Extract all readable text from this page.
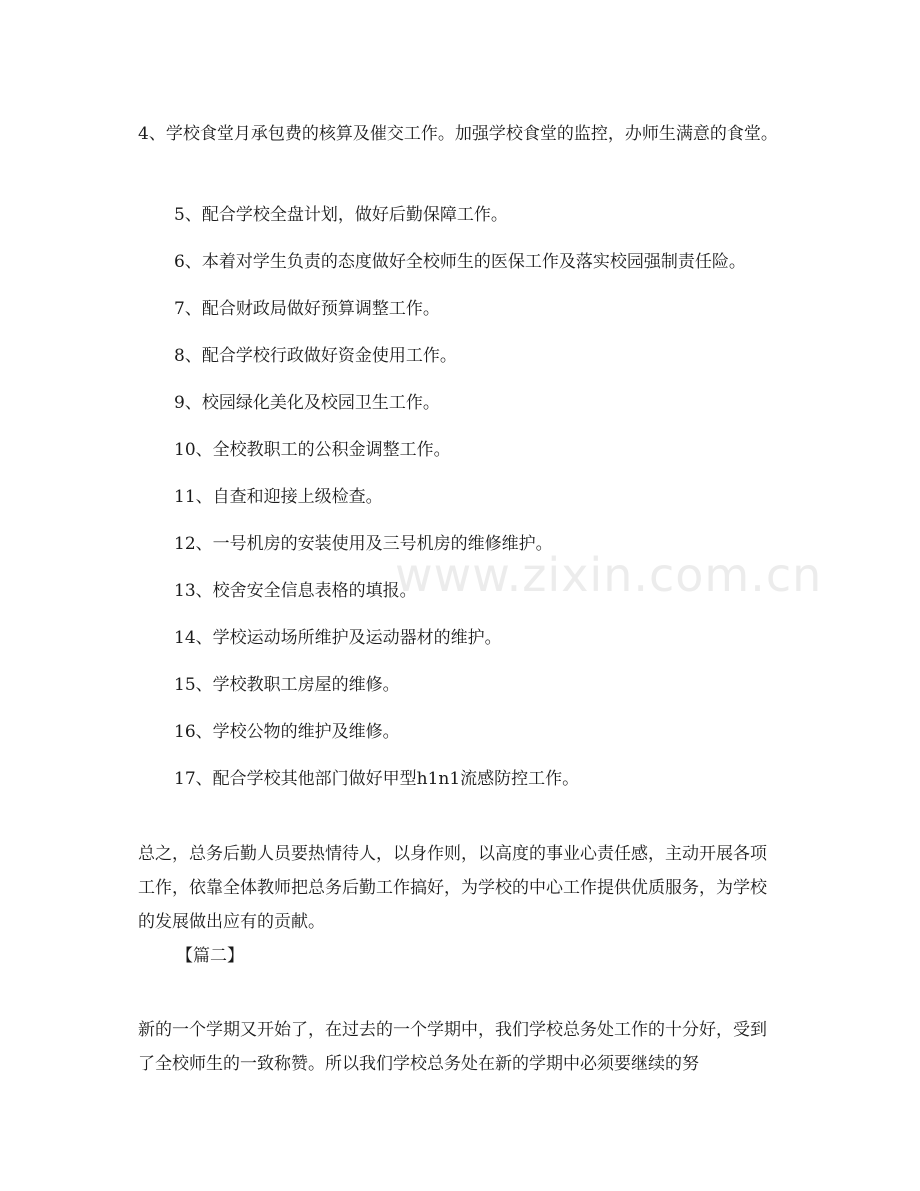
4、学校食堂月承包费的核算及催交工作。加强学校食堂的监控，办师生满意的食堂。

5、配合学校全盘计划，做好后勤保障工作。

6、本着对学生负责的态度做好全校师生的医保工作及落实校园强制责任险。

7、配合财政局做好预算调整工作。

8、配合学校行政做好资金使用工作。

9、校园绿化美化及校园卫生工作。

10、全校教职工的公积金调整工作。

11、自查和迎接上级检查。

12、一号机房的安装使用及三号机房的维修维护。

13、校舍安全信息表格的填报。

14、学校运动场所维护及运动器材的维护。

15、学校教职工房屋的维修。

16、学校公物的维护及维修。

17、配合学校其他部门做好甲型h1n1流感防控工作。

总之，总务后勤人员要热情待人，以身作则，以高度的事业心责任感，主动开展各项工作，依靠全体教师把总务后勤工作搞好，为学校的中心工作提供优质服务，为学校的发展做出应有的贡献。

【篇二】

新的一个学期又开始了，在过去的一个学期中，我们学校总务处工作的十分好，受到了全校师生的一致称赞。所以我们学校总务处在新的学期中必须要继续的努

www.zixin.com.cn
